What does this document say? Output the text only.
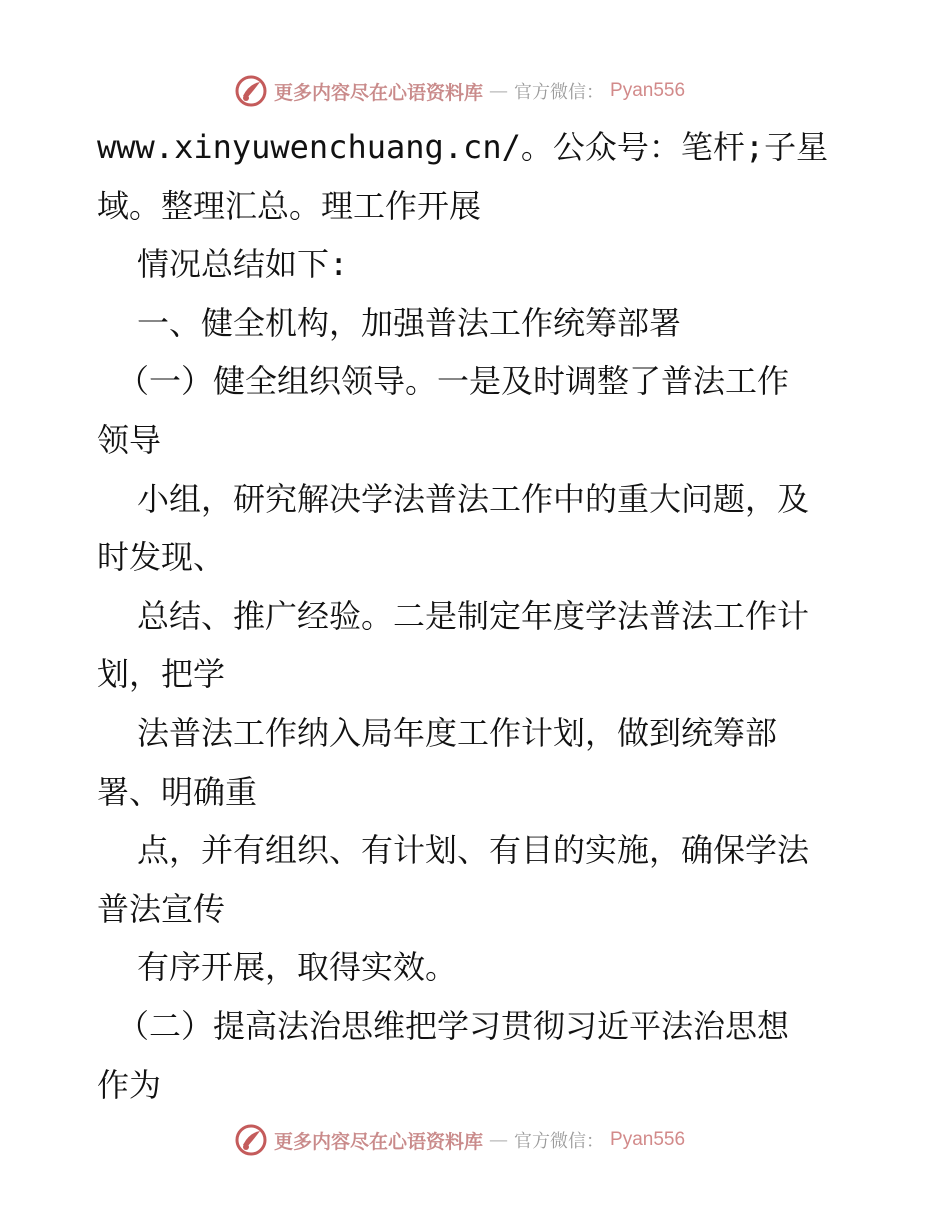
更多内容尽在心语资料库 — 官方微信： Pyan556
www.xinyuwenchuang.cn/。公众号：笔杆;子星
域。整理汇总。理工作开展
情况总结如下:
一、健全机构，加强普法工作统筹部署
（一）健全组织领导。一是及时调整了普法工作
领导
小组，研究解决学法普法工作中的重大问题，及
时发现、
总结、推广经验。二是制定年度学法普法工作计
划，把学
法普法工作纳入局年度工作计划，做到统筹部
署、明确重
点，并有组织、有计划、有目的实施，确保学法
普法宣传
有序开展，取得实效。
（二）提高法治思维把学习贯彻习近平法治思想
作为
更多内容尽在心语资料库 — 官方微信： Pyan556
